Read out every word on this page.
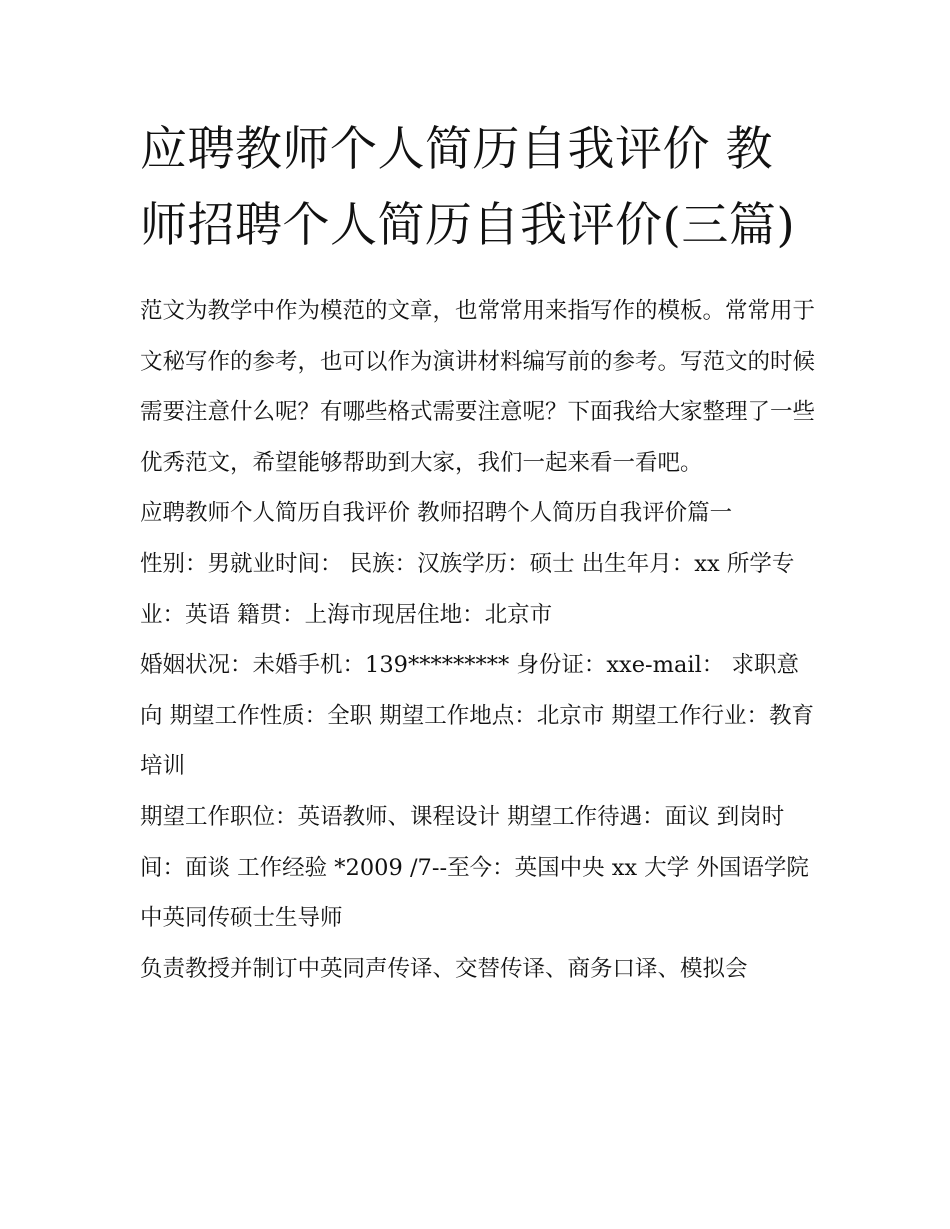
应聘教师个人简历自我评价 教师招聘个人简历自我评价(三篇)

范文为教学中作为模范的文章，也常常用来指写作的模板。常常用于文秘写作的参考，也可以作为演讲材料编写前的参考。写范文的时候需要注意什么呢？有哪些格式需要注意呢？下面我给大家整理了一些优秀范文，希望能够帮助到大家，我们一起来看一看吧。

应聘教师个人简历自我评价 教师招聘个人简历自我评价篇一

性别：男就业时间： 民族：汉族学历：硕士 出生年月：xx 所学专业：英语 籍贯：上海市现居住地：北京市

婚姻状况：未婚手机：139********* 身份证：xxe-mail： 求职意向 期望工作性质：全职 期望工作地点：北京市 期望工作行业：教育培训

期望工作职位：英语教师、课程设计 期望工作待遇：面议 到岗时间：面谈 工作经验 *2009 /7--至今：英国中央 xx 大学 外国语学院 中英同传硕士生导师

负责教授并制订中英同声传译、交替传译、商务口译、模拟会
